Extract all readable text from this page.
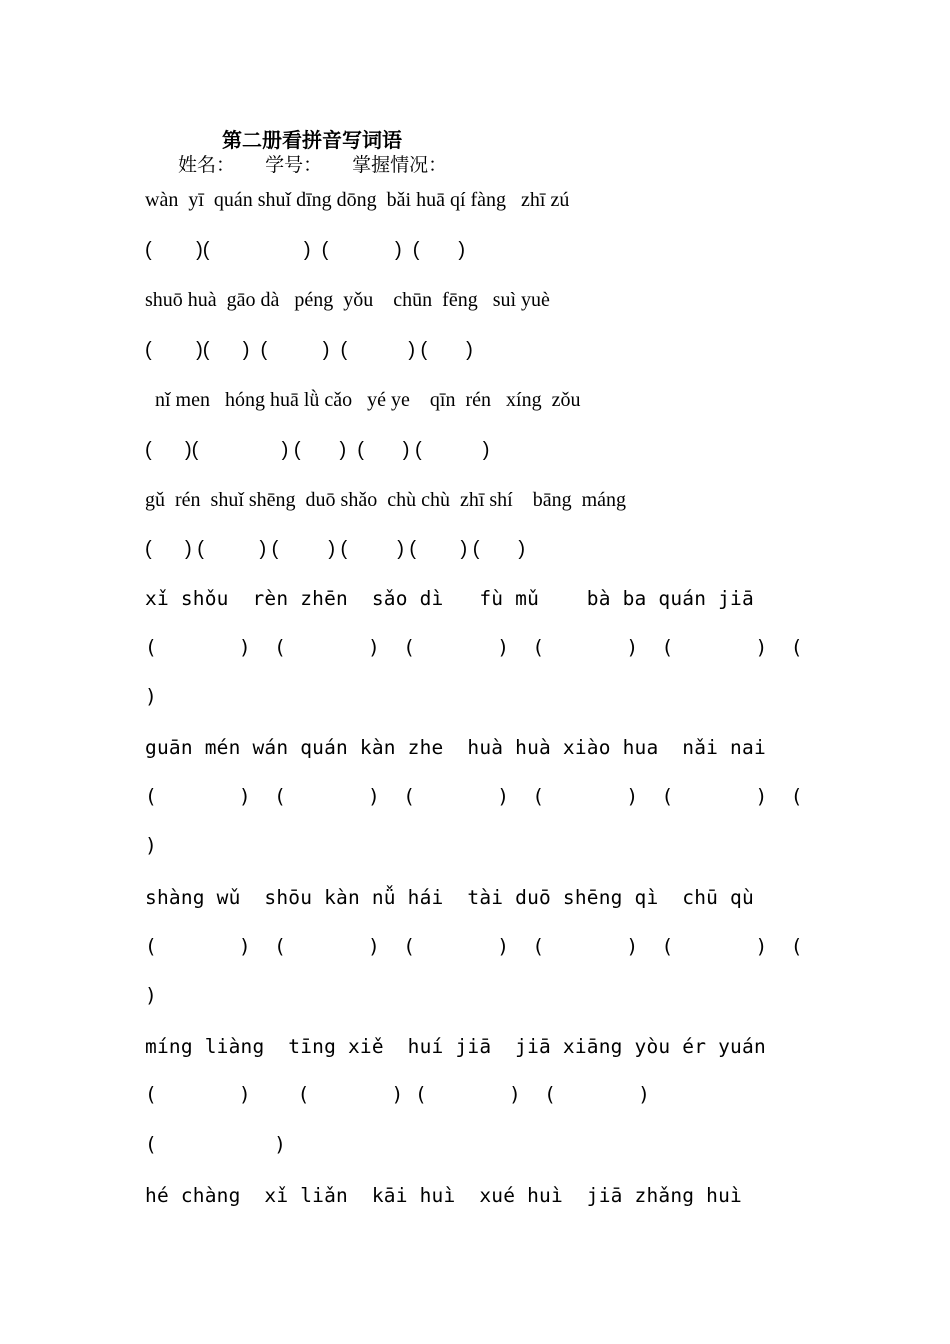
第二册看拼音写词语
姓名： 学号： 掌握情况：
wàn  yī  quán shuǐ dīng dōng  bǎi huā qí fàng   zhī zú
(        )(                 )  (            )  (       )
shuō huà  gāo dà   péng  yǒu    chūn  fēng   suì yuè
(        )(      )  (          )  (           ) (       )
nǐ men   hóng huā lǜ cǎo   yé ye    qīn  rén   xíng  zǒu
(      )(               ) (       )  (       ) (           )
gǔ  rén  shuǐ shēng  duō shǎo  chù chù  zhī shí    bāng  máng
(      ) (          ) (         ) (         ) (        ) (       )
xǐ shǒu  rèn zhēn  sǎo dì   fù mǔ    bà ba quán jiā
(       )  (       )  (       )  (       )  (       )  (
)
guān mén wán quán kàn zhe  huà huà xiào hua  nǎi nai
(       )  (       )  (       )  (       )  (       )  (
)
shàng wǔ  shōu kàn nǚ hái  tài duō shēng qì  chū qù
(       )  (       )  (       )  (       )  (       )  (
)
míng liàng  tīng xiě  huí jiā  jiā xiāng yòu ér yuán
(       )    (       ) (       )  (       )
(          )
hé chàng  xǐ liǎn  kāi huì  xué huì  jiā zhǎng huì
